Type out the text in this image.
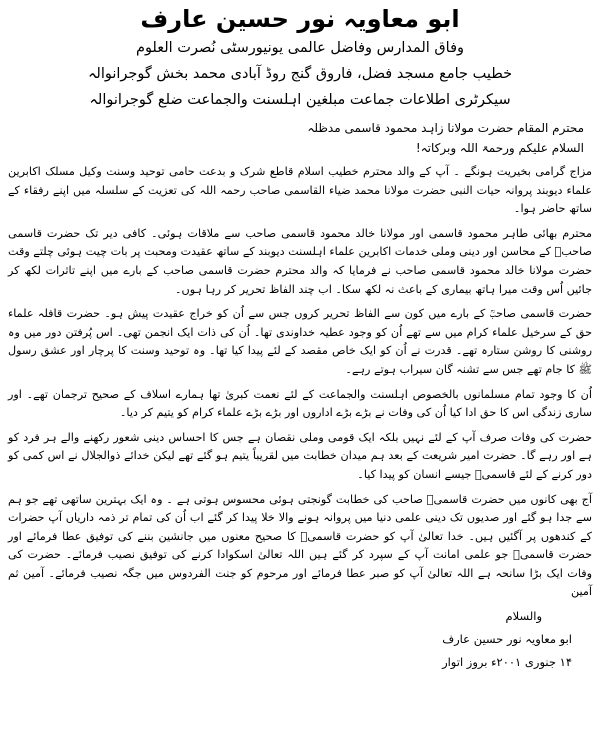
ابو معاویہ نور حسین عارف
وفاق المدارس وفاضل عالمی یونیورسٹی نُصرت العلوم
خطیب جامع مسجد فضل، فاروق گنج روڈ آبادی محمد بخش گوجرانوالہ
سیکرٹری اطلاعات جماعت مبلغین اہلسنت والجماعت ضلع گوجرانوالہ
محترم المقام حضرت مولانا زاہد محمود قاسمی مدظلہ
السلام علیکم ورحمۃ اللہ وبرکاتہ!

مزاج گرامی بخیریت ہونگے ۔ آپ کے والد محترم خطیب اسلام قاطع شرک و بدعت حامی توحید وسنت وکیل مسلک اکابرین علماء دیوبند پروانہ حیات النبی حضرت مولانا محمد ضیاء القاسمی صاحب رحمہ اللہ کی تعزیت کے سلسلہ میں اپنے رفقاء کے ساتھ حاضر ہوا۔

محترم بھائی طاہر محمود قاسمی اور مولانا خالد محمود قاسمی صاحب سے ملاقات ہوئی۔ کافی دیر تک حضرت قاسمی صاحبؒ کے محاسن اور دینی وملی خدمات اکابرین علماء اہلسنت دیوبند کے ساتھ عقیدت ومحبت پر بات چیت ہوئی چلتے وقت حضرت مولانا خالد محمود قاسمی صاحب نے فرمایا کہ والد محترم حضرت قاسمی صاحب کے بارے میں اپنے تاثرات لکھ کر جائیں اُس وقت میرا ہاتھ بیماری کے باعث نہ لکھ سکا۔ اب چند الفاظ تحریر کر رہا ہوں۔

حضرت قاسمی صاحبؒ کے بارے میں کون سے الفاظ تحریر کروں جس سے اُن کو خراج عقیدت پیش ہو۔ حضرت قافلہ علماء حق کے سرخیل علماء کرام میں سے تھے اُن کو وجود عطیہ خداوندی تھا۔ اُن کی ذات ایک انجمن تھی۔ اس پُرفتن دور میں وہ روشنی کا روشن ستارہ تھے۔ قدرت نے اُن کو ایک خاص مقصد کے لئے پیدا کیا تھا۔ وہ توحید وسنت کا پرچار اور عشق رسول ﷺ کا جام تھے جس سے تشنہ گان سیراب ہوتے رہے۔

اُن کا وجود تمام مسلمانوں بالخصوص اہلسنت والجماعت کے لئے نعمت کبریٰ تھا ہمارے اسلاف کے صحیح ترجمان تھے۔ اور ساری زندگی اس کا حق ادا کیا اُن کی وفات نے بڑے بڑے اداروں اور بڑے بڑے علماء کرام کو یتیم کر دیا۔

حضرت کی وفات صرف آپ کے لئے نہیں بلکہ ایک قومی وملی نقصان ہے جس کا احساس دینی شعور رکھنے والے ہر فرد کو ہے اور رہے گا۔ حضرت امیر شریعت کے بعد ہم میدان خطابت میں لقریباً یتیم ہو گئے تھے لیکن خدائے ذوالجلال نے اس کمی کو دور کرنے کے لئے قاسمیؒ جیسے انسان کو پیدا کیا۔

آج بھی کانوں میں حضرت قاسمیؒ صاحب کی خطابت گونجتی ہوئی محسوس ہوتی ہے ۔ وہ ایک بہترین ساتھی تھے جو ہم سے جدا ہو گئے اور صدیوں تک دینی علمی دنیا میں پروانہ ہونے والا خلا پیدا کر گئے اب اُن کی تمام تر ذمہ داریاں آپ حضرات کے کندھوں پر آگئیں ہیں۔ خدا تعالیٰ آپ کو حضرت قاسمیؒ کا صحیح معنوں میں جانشین بننے کی توفیق عطا فرمائے اور حضرت قاسمیؒ جو علمی امانت آپ کے سپرد کر گئے ہیں اللہ تعالیٰ اسکوادا کرنے کی توفیق نصیب فرمائے۔ حضرت کی وفات ایک بڑا سانحہ ہے اللہ تعالیٰ آپ کو صبر عطا فرمائے اور مرحوم کو جنت الفردوس میں جگہ نصیب فرمائے۔ آمین ثم آمین

والسلام
ابو معاویہ نور حسین عارف
۱۴ جنوری ۲۰۰۱ء بروز اتوار
